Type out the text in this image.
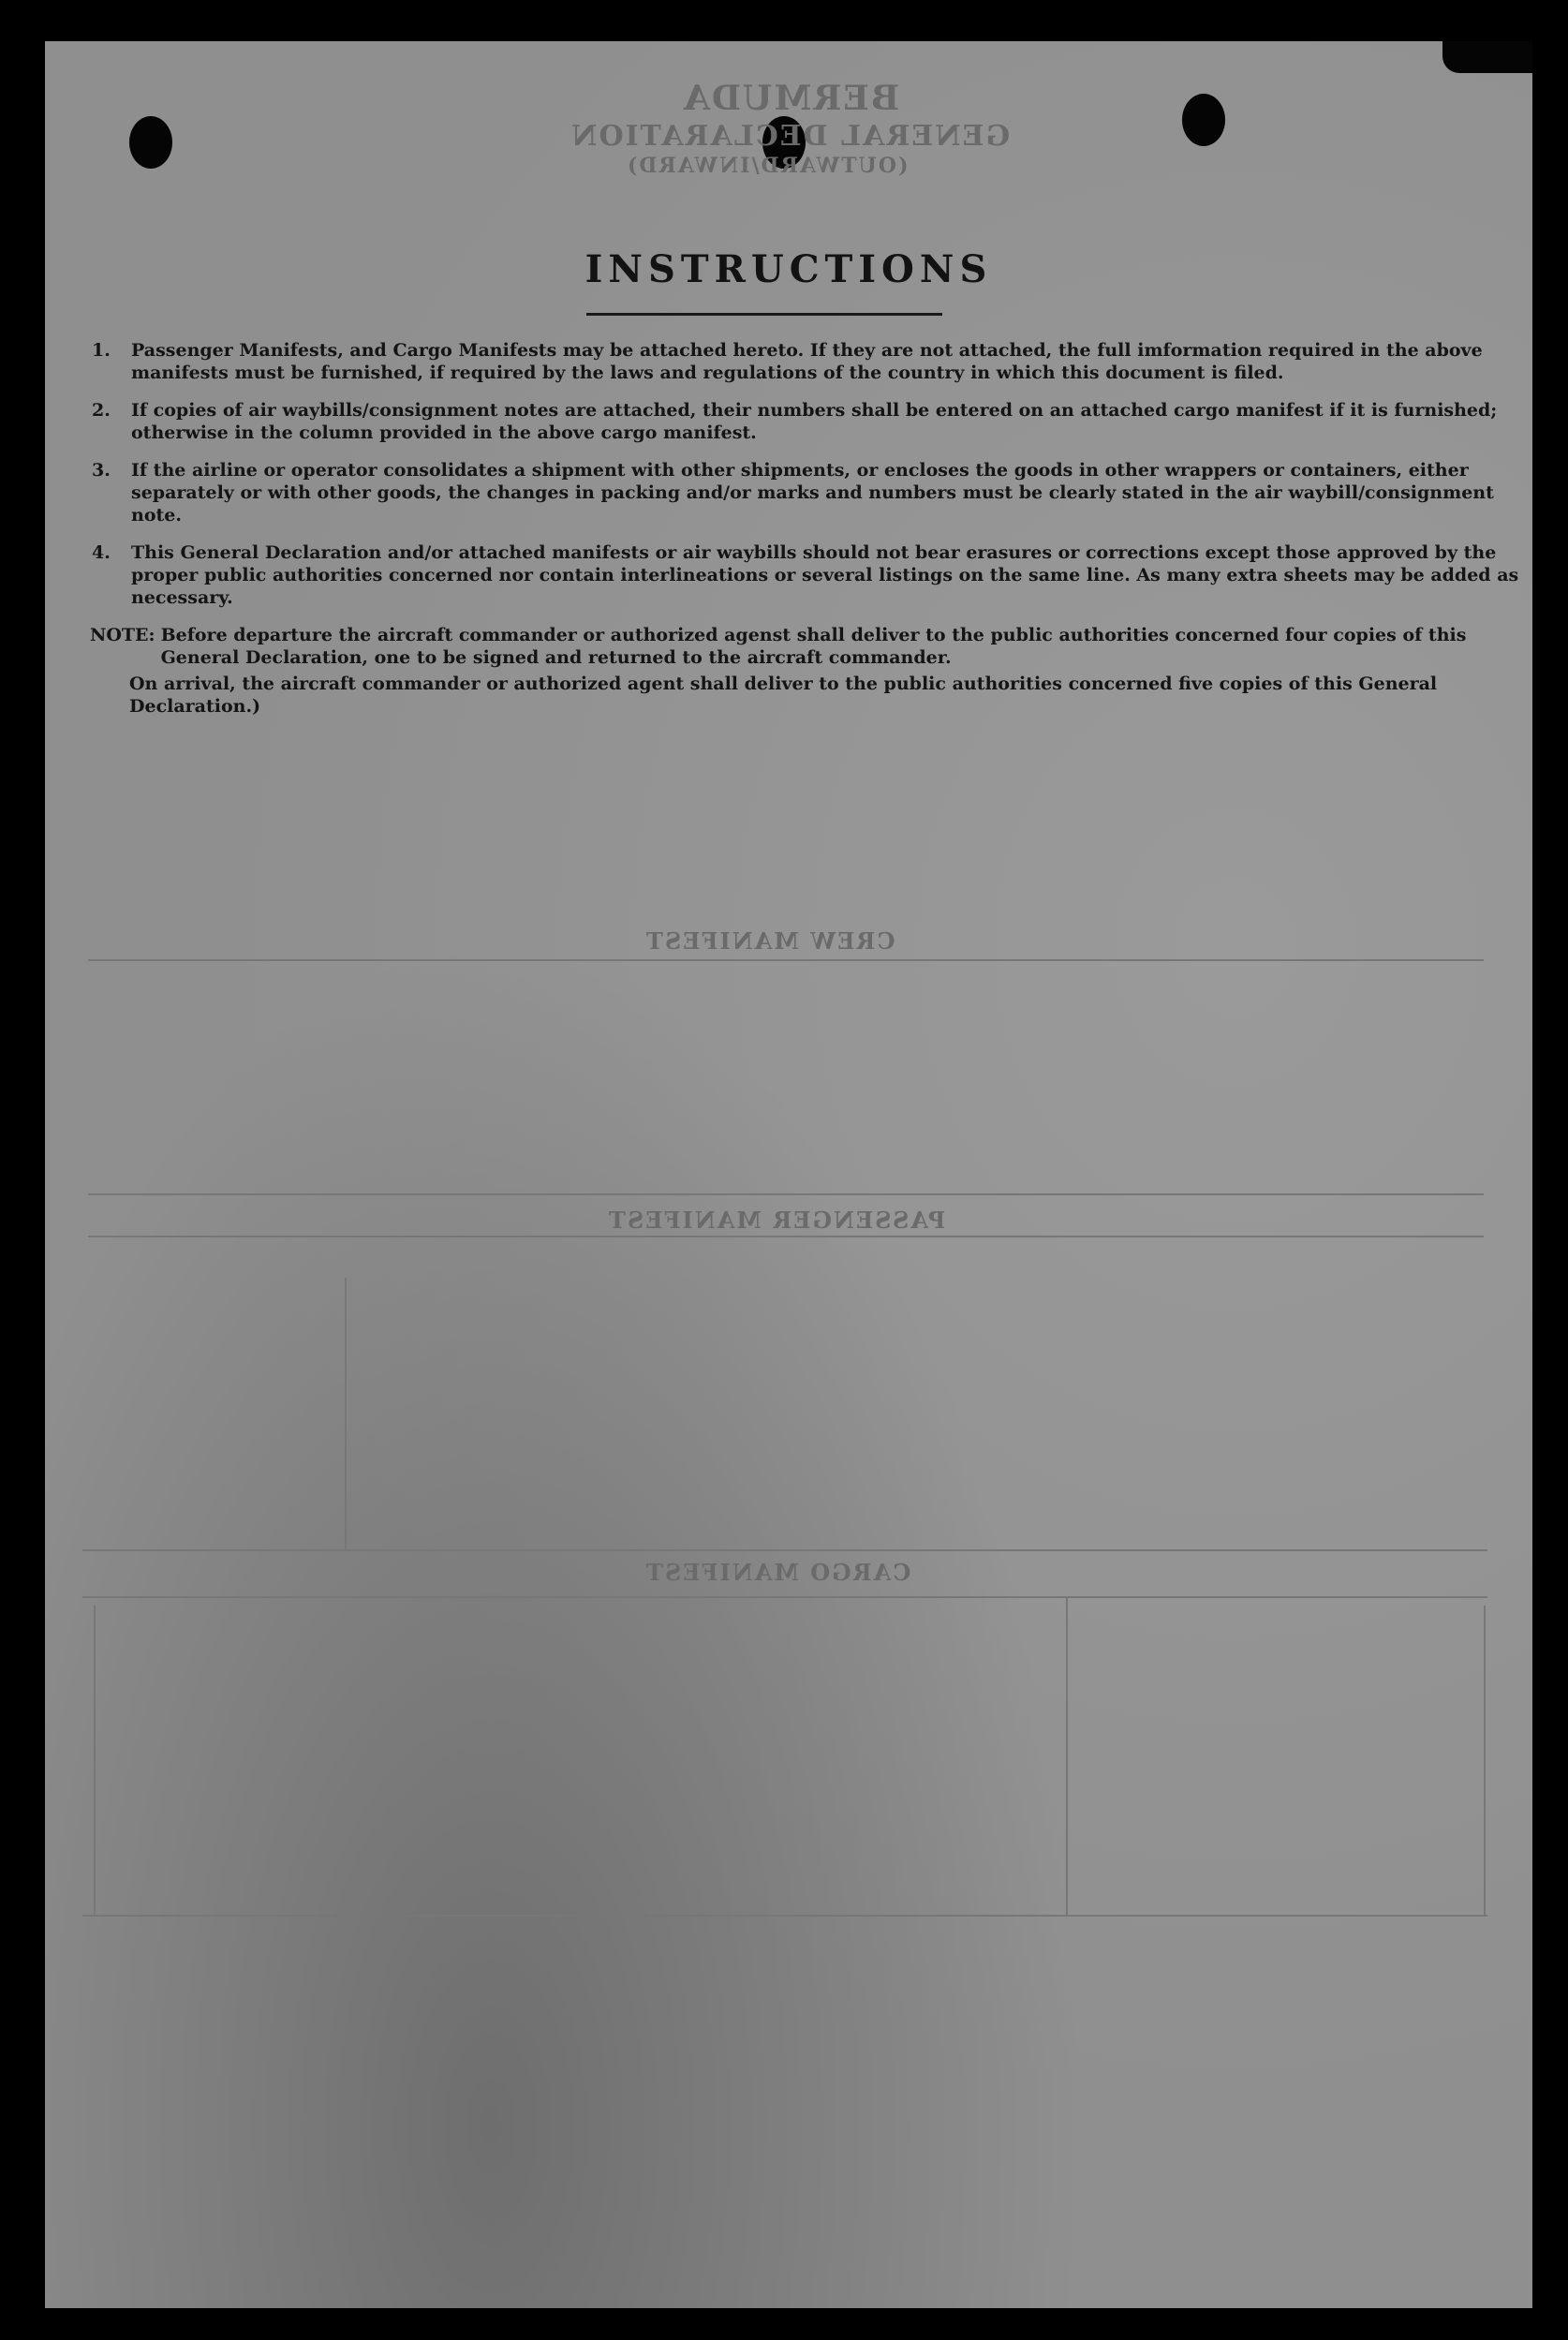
BERMUDA
GENERAL DECLARATION
(OUTWARD/INWARD)
CREW MANIFEST
PASSENGER MANIFEST
CARGO MANIFEST
INSTRUCTIONS
1.	Passenger Manifests, and Cargo Manifests may be attached hereto. If they are not attached, the full imformation required in the above manifests must be furnished, if required by the laws and regulations of the country in which this document is filed.
2.	If copies of air waybills/consignment notes are attached, their numbers shall be entered on an attached cargo manifest if it is furnished; otherwise in the column provided in the above cargo manifest.
3.	If the airline or operator consolidates a shipment with other shipments, or encloses the goods in other wrappers or containers, either separately or with other goods, the changes in packing and/or marks and numbers must be clearly stated in the air waybill/consignment note.
4.	This General Declaration and/or attached manifests or air waybills should not bear erasures or corrections except those approved by the proper public authorities concerned nor contain interlineations or several listings on the same line. As many extra sheets may be added as necessary.
NOTE: Before departure the aircraft commander or authorized agenst shall deliver to the public authorities concerned four copies of this General Declaration, one to be signed and returned to the aircraft commander.
On arrival, the aircraft commander or authorized agent shall deliver to the public authorities concerned five copies of this General Declaration.)
